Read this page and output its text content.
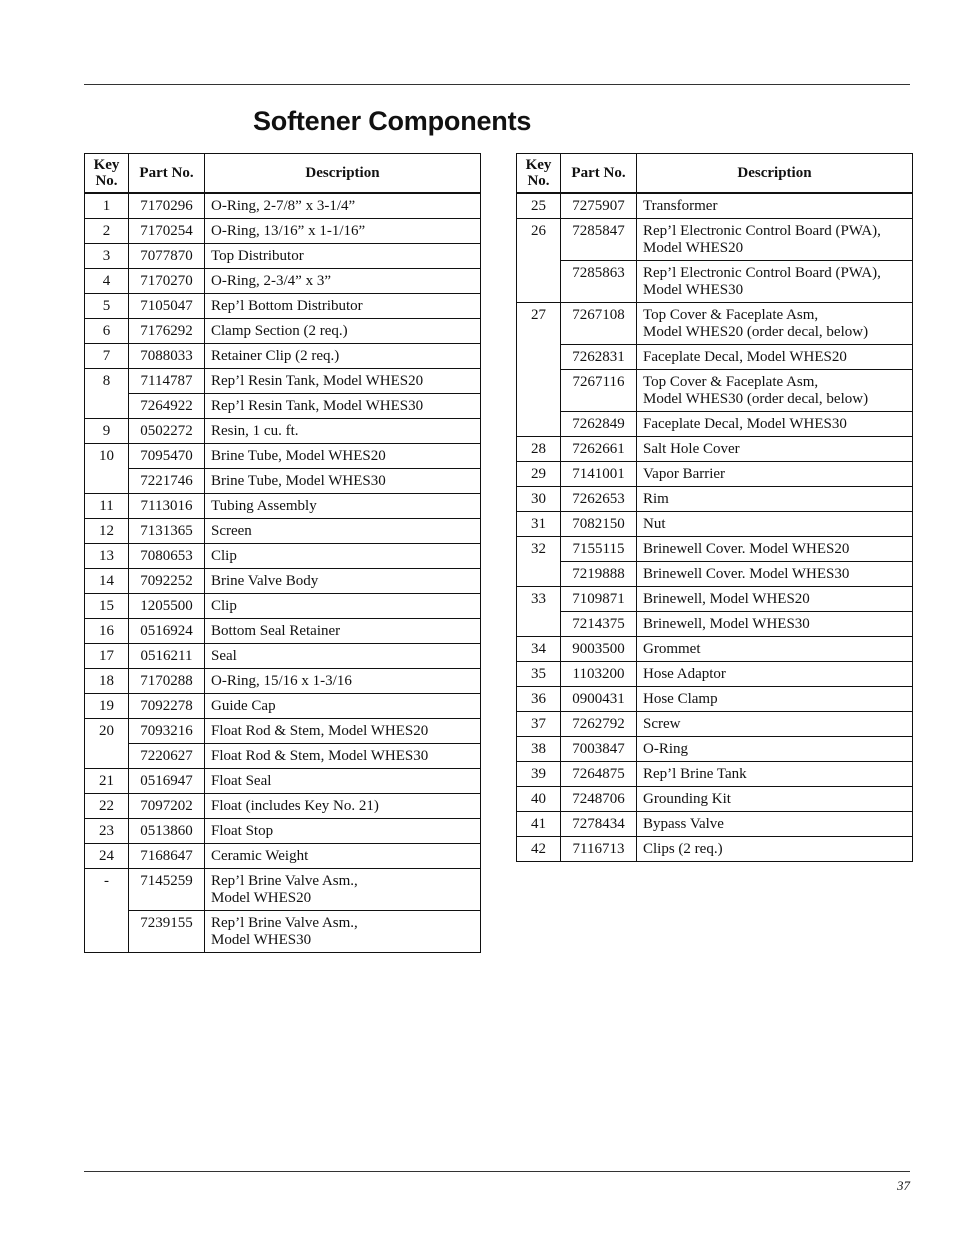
Softener Components
Key
No.	Part No.	Description
1	7170296	O-Ring, 2-7/8” x 3-1/4”
2	7170254	O-Ring, 13/16” x 1-1/16”
3	7077870	Top Distributor
4	7170270	O-Ring, 2-3/4” x 3”
5	7105047	Rep’l Bottom Distributor
6	7176292	Clamp Section (2 req.)
7	7088033	Retainer Clip (2 req.)
8	7114787	Rep’l Resin Tank, Model WHES20
	7264922	Rep’l Resin Tank, Model WHES30
9	0502272	Resin, 1 cu. ft.
10	7095470	Brine Tube, Model WHES20
	7221746	Brine Tube, Model WHES30
11	7113016	Tubing Assembly
12	7131365	Screen
13	7080653	Clip
14	7092252	Brine Valve Body
15	1205500	Clip
16	0516924	Bottom Seal Retainer
17	0516211	Seal
18	7170288	O-Ring, 15/16 x 1-3/16
19	7092278	Guide Cap
20	7093216	Float Rod & Stem, Model WHES20
	7220627	Float Rod & Stem, Model WHES30
21	0516947	Float Seal
22	7097202	Float (includes Key No. 21)
23	0513860	Float Stop
24	7168647	Ceramic Weight
-	7145259	Rep’l Brine Valve Asm.,
Model WHES20
	7239155	Rep’l Brine Valve Asm.,
Model WHES30
Key
No.	Part No.	Description
25	7275907	Transformer
26	7285847	Rep’l Electronic Control Board (PWA),
Model WHES20
	7285863	Rep’l Electronic Control Board (PWA),
Model WHES30
27	7267108	Top Cover & Faceplate Asm,
Model WHES20 (order decal, below)
	7262831	Faceplate Decal, Model WHES20
	7267116	Top Cover & Faceplate Asm,
Model WHES30 (order decal, below)
	7262849	Faceplate Decal, Model WHES30
28	7262661	Salt Hole Cover
29	7141001	Vapor Barrier
30	7262653	Rim
31	7082150	Nut
32	7155115	Brinewell Cover. Model WHES20
	7219888	Brinewell Cover. Model WHES30
33	7109871	Brinewell, Model WHES20
	7214375	Brinewell, Model WHES30
34	9003500	Grommet
35	1103200	Hose Adaptor
36	0900431	Hose Clamp
37	7262792	Screw
38	7003847	O-Ring
39	7264875	Rep’l Brine Tank
40	7248706	Grounding Kit
41	7278434	Bypass Valve
42	7116713	Clips (2 req.)
37
